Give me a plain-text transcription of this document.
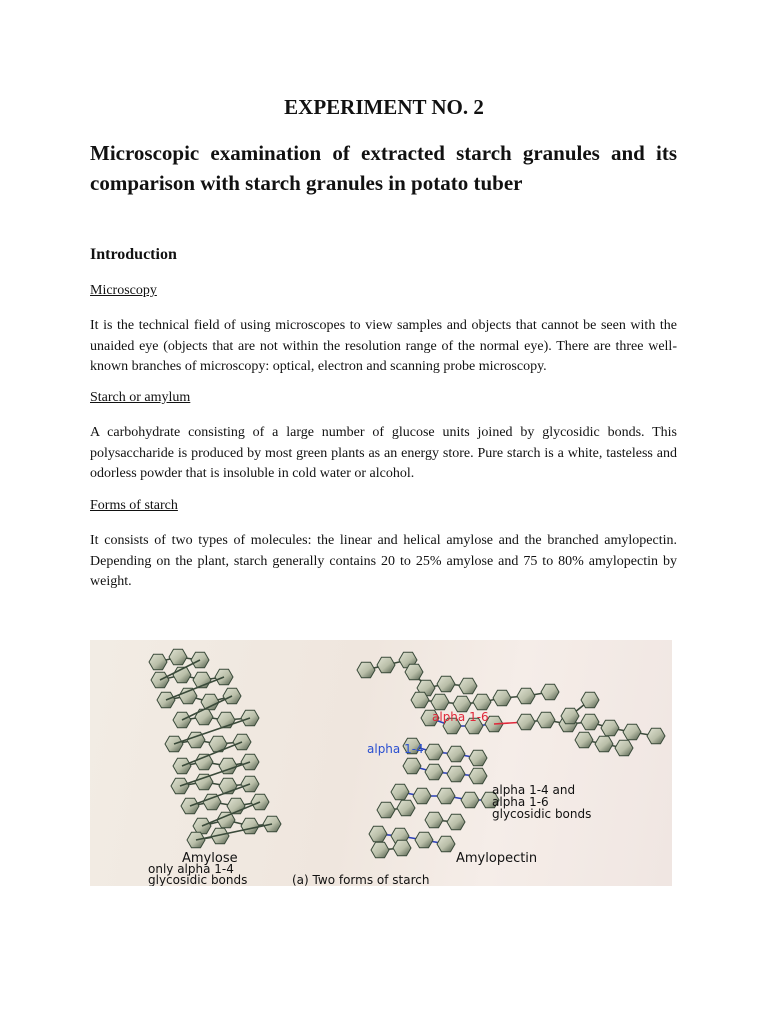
EXPERIMENT NO. 2
Microscopic examination of extracted starch granules and its comparison with starch granules in potato tuber
Introduction
Microscopy
It is the technical field of using microscopes to view samples and objects that cannot be seen with the unaided eye (objects that are not within the resolution range of the normal eye). There are three well-known branches of microscopy: optical, electron and scanning probe microscopy.
Starch or amylum
A carbohydrate consisting of a large number of glucose units joined by glycosidic bonds. This polysaccharide is produced by most green plants as an energy store. Pure starch is a white, tasteless and odorless powder that is insoluble in cold water or alcohol.
Forms of starch
It consists of two types of molecules: the linear and helical amylose and the branched amylopectin. Depending on the plant, starch generally contains 20 to 25% amylose and 75 to 80% amylopectin by weight.
alpha 1-6
alpha 1-4
alpha 1-4 and
alpha 1-6
glycosidic bonds
Amylose
only alpha 1-4
glycosidic bonds	(a) Two forms of starch
Amylopectin
